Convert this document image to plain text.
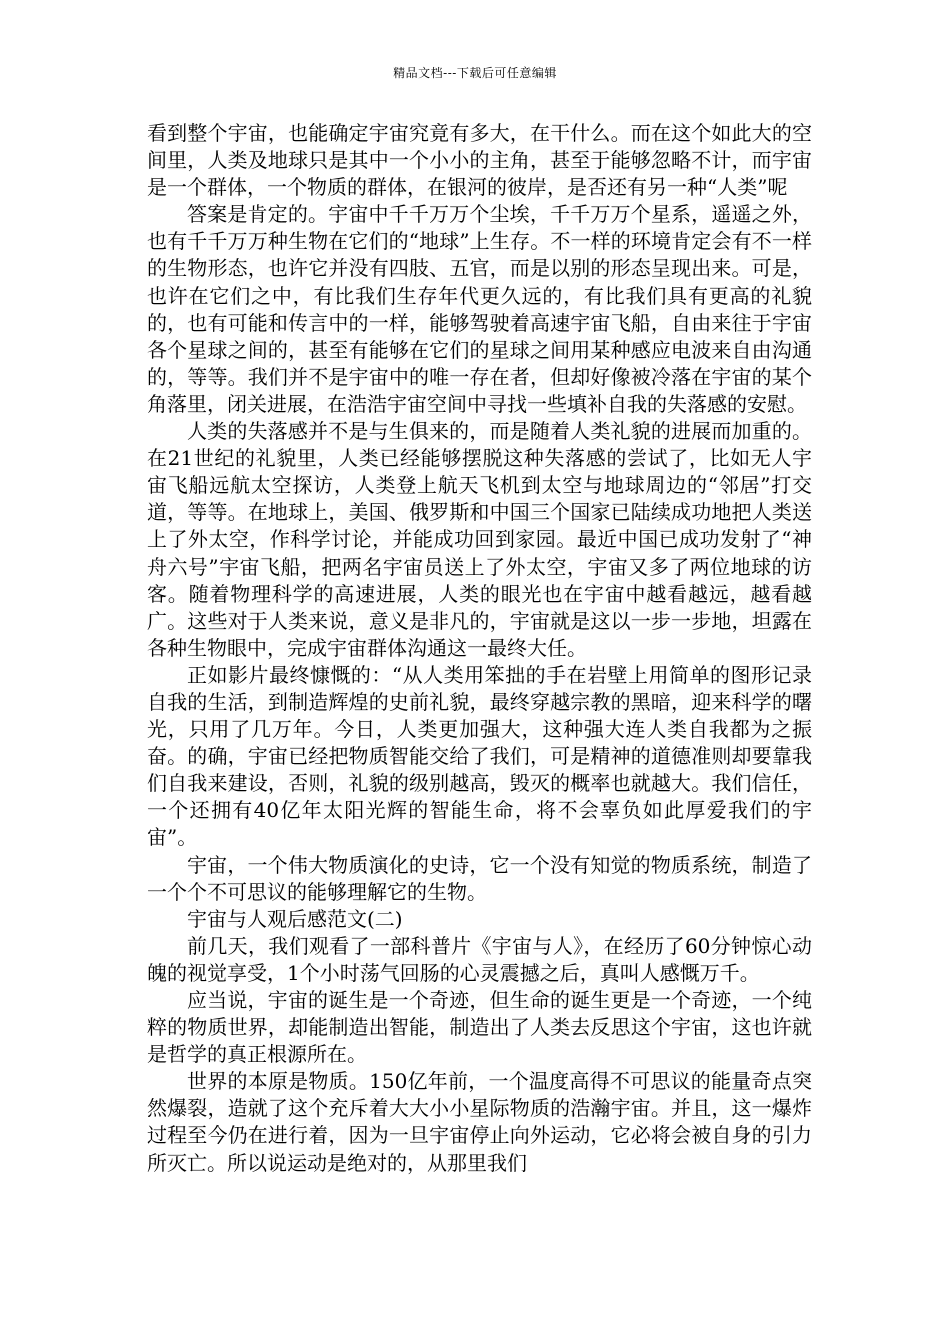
精品文档---下载后可任意编辑

看到整个宇宙，也能确定宇宙究竟有多大，在干什么。而在这个如此大的空间里，人类及地球只是其中一个小小的主角，甚至于能够忽略不计，而宇宙是一个群体，一个物质的群体，在银河的彼岸，是否还有另一种“人类”呢

答案是肯定的。宇宙中千千万万个尘埃，千千万万个星系，遥遥之外，也有千千万万种生物在它们的“地球”上生存。不一样的环境肯定会有不一样的生物形态，也许它并没有四肢、五官，而是以别的形态呈现出来。可是，也许在它们之中，有比我们生存年代更久远的，有比我们具有更高的礼貌的，也有可能和传言中的一样，能够驾驶着高速宇宙飞船，自由来往于宇宙各个星球之间的，甚至有能够在它们的星球之间用某种感应电波来自由沟通的，等等。我们并不是宇宙中的唯一存在者，但却好像被冷落在宇宙的某个角落里，闭关进展，在浩浩宇宙空间中寻找一些填补自我的失落感的安慰。

人类的失落感并不是与生俱来的，而是随着人类礼貌的进展而加重的。在21世纪的礼貌里，人类已经能够摆脱这种失落感的尝试了，比如无人宇宙飞船远航太空探访，人类登上航天飞机到太空与地球周边的“邻居”打交道，等等。在地球上，美国、俄罗斯和中国三个国家已陆续成功地把人类送上了外太空，作科学讨论，并能成功回到家园。最近中国已成功发射了“神舟六号”宇宙飞船，把两名宇宙员送上了外太空，宇宙又多了两位地球的访客。随着物理科学的高速进展，人类的眼光也在宇宙中越看越远，越看越广。这些对于人类来说，意义是非凡的，宇宙就是这以一步一步地，坦露在各种生物眼中，完成宇宙群体沟通这一最终大任。

正如影片最终慷慨的：“从人类用笨拙的手在岩壁上用简单的图形记录自我的生活，到制造辉煌的史前礼貌，最终穿越宗教的黑暗，迎来科学的曙光，只用了几万年。今日，人类更加强大，这种强大连人类自我都为之振奋。的确，宇宙已经把物质智能交给了我们，可是精神的道德准则却要靠我们自我来建设，否则，礼貌的级别越高，毁灭的概率也就越大。我们信任，一个还拥有40亿年太阳光辉的智能生命，将不会辜负如此厚爱我们的宇宙”。

宇宙，一个伟大物质演化的史诗，它一个没有知觉的物质系统，制造了一个个不可思议的能够理解它的生物。

宇宙与人观后感范文(二)

前几天，我们观看了一部科普片《宇宙与人》，在经历了60分钟惊心动魄的视觉享受，1个小时荡气回肠的心灵震撼之后，真叫人感慨万千。

应当说，宇宙的诞生是一个奇迹，但生命的诞生更是一个奇迹，一个纯粹的物质世界，却能制造出智能，制造出了人类去反思这个宇宙，这也许就是哲学的真正根源所在。

世界的本原是物质。150亿年前，一个温度高得不可思议的能量奇点突然爆裂，造就了这个充斥着大大小小星际物质的浩瀚宇宙。并且，这一爆炸过程至今仍在进行着，因为一旦宇宙停止向外运动，它必将会被自身的引力所灭亡。所以说运动是绝对的，从那里我们
